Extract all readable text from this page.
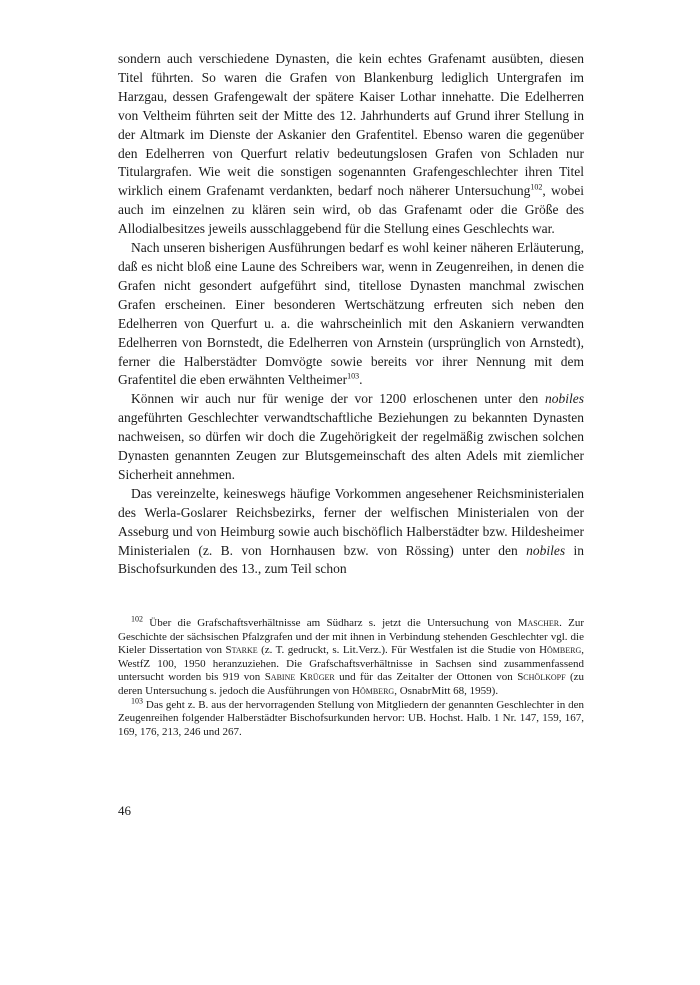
sondern auch verschiedene Dynasten, die kein echtes Grafenamt ausübten, diesen Titel führten. So waren die Grafen von Blankenburg lediglich Untergrafen im Harzgau, dessen Grafengewalt der spätere Kaiser Lothar innehatte. Die Edelherren von Veltheim führten seit der Mitte des 12. Jahrhunderts auf Grund ihrer Stellung in der Altmark im Dienste der Askanier den Grafentitel. Ebenso waren die gegenüber den Edelherren von Querfurt relativ bedeutungslosen Grafen von Schladen nur Titulargrafen. Wie weit die sonstigen sogenannten Grafengeschlechter ihren Titel wirklich einem Grafenamt verdankten, bedarf noch näherer Untersuchung$^{102}$, wobei auch im einzelnen zu klären sein wird, ob das Grafenamt oder die Größe des Allodialbesitzes jeweils ausschlaggebend für die Stellung eines Geschlechts war.

Nach unseren bisherigen Ausführungen bedarf es wohl keiner näheren Erläuterung, daß es nicht bloß eine Laune des Schreibers war, wenn in Zeugenreihen, in denen die Grafen nicht gesondert aufgeführt sind, titellose Dynasten manchmal zwischen Grafen erscheinen. Einer besonderen Wertschätzung erfreuten sich neben den Edelherren von Querfurt u. a. die wahrscheinlich mit den Askaniern verwandten Edelherren von Bornstedt, die Edelherren von Arnstein (ursprünglich von Arnstedt), ferner die Halberstädter Domvögte sowie bereits vor ihrer Nennung mit dem Grafentitel die eben erwähnten Veltheimer$^{103}$.

Können wir auch nur für wenige der vor 1200 erloschenen unter den nobiles angeführten Geschlechter verwandtschaftliche Beziehungen zu bekannten Dynasten nachweisen, so dürfen wir doch die Zugehörigkeit der regelmäßig zwischen solchen Dynasten genannten Zeugen zur Blutsgemeinschaft des alten Adels mit ziemlicher Sicherheit annehmen.

Das vereinzelte, keineswegs häufige Vorkommen angesehener Reichsministerialen des Werla-Goslarer Reichsbezirks, ferner der welfischen Ministerialen von der Asseburg und von Heimburg sowie auch bischöflich Halberstädter bzw. Hildesheimer Ministerialen (z. B. von Hornhausen bzw. von Rössing) unter den nobiles in Bischofsurkunden des 13., zum Teil schon

$^{102}$ Über die Grafschaftsverhältnisse am Südharz s. jetzt die Untersuchung von Mascher. Zur Geschichte der sächsischen Pfalzgrafen und der mit ihnen in Verbindung stehenden Geschlechter vgl. die Kieler Dissertation von Starke (z. T. gedruckt, s. Lit.Verz.). Für Westfalen ist die Studie von Hömberg, WestfZ 100, 1950 heranzuziehen. Die Grafschaftsverhältnisse in Sachsen sind zusammenfassend untersucht worden bis 919 von Sabine Krüger und für das Zeitalter der Ottonen von Schölkopf (zu deren Untersuchung s. jedoch die Ausführungen von Hömberg, OsnabrMitt 68, 1959).

$^{103}$ Das geht z. B. aus der hervorragenden Stellung von Mitgliedern der genannten Geschlechter in den Zeugenreihen folgender Halberstädter Bischofsurkunden hervor: UB. Hochst. Halb. 1 Nr. 147, 159, 167, 169, 176, 213, 246 und 267.

46
